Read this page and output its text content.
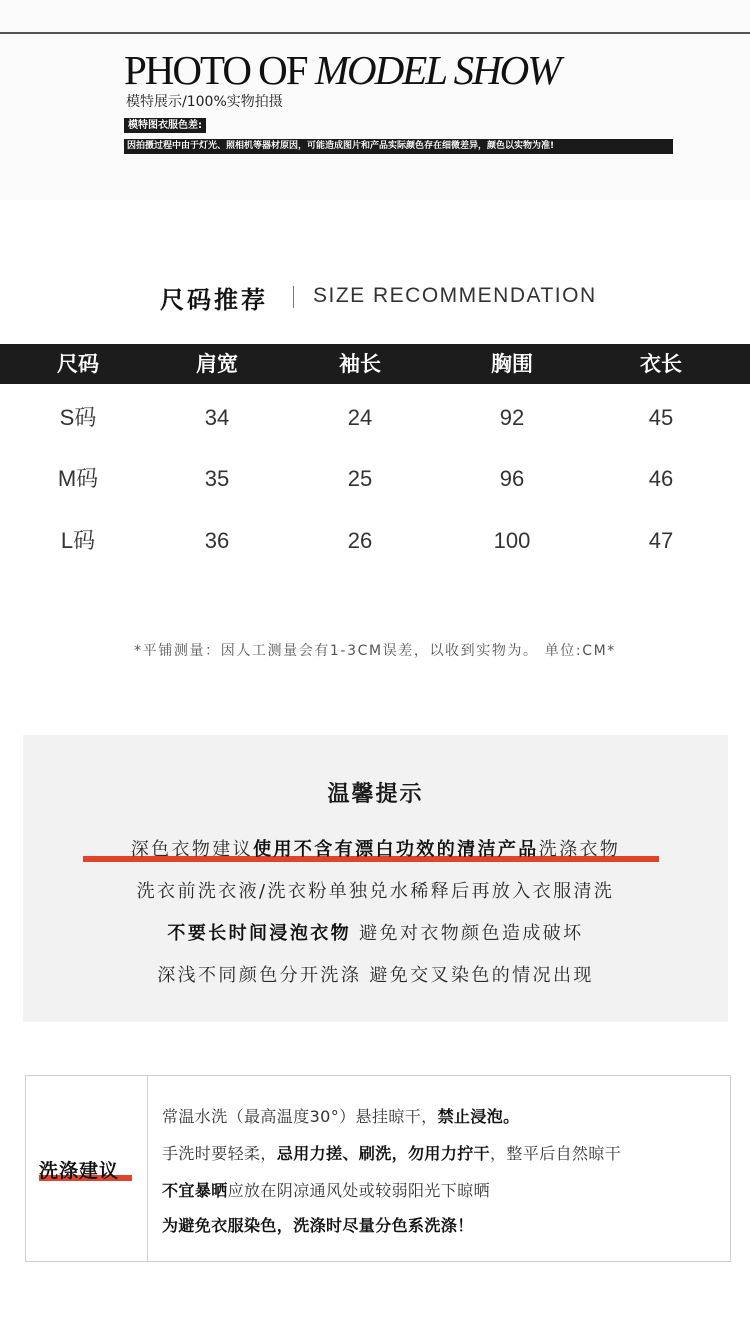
PHOTO OF MODEL SHOW
模特展示/100%实物拍摄
模特图衣服色差:
因拍摄过程中由于灯光、照相机等器材原因，可能造成图片和产品实际颜色存在细微差异，颜色以实物为准!
尺码推荐 SIZE RECOMMENDATION
尺码	肩宽	袖长	胸围	衣长
S码	34	24	92	45
M码	35	25	96	46
L码	36	26	100	47
*平铺测量：因人工测量会有1-3CM误差，以收到实物为。 单位:CM*
温馨提示
深色衣物建议使用不含有漂白功效的清洁产品洗涤衣物
洗衣前洗衣液/洗衣粉单独兑水稀释后再放入衣服清洗
不要长时间浸泡衣物 避免对衣物颜色造成破坏
深浅不同颜色分开洗涤 避免交叉染色的情况出现
洗涤建议
常温水洗（最高温度30°）悬挂晾干，禁止浸泡。
手洗时要轻柔，忌用力搓、刷洗，勿用力拧干，整平后自然晾干
不宜暴晒应放在阴凉通风处或较弱阳光下晾晒
为避免衣服染色，洗涤时尽量分色系洗涤！
